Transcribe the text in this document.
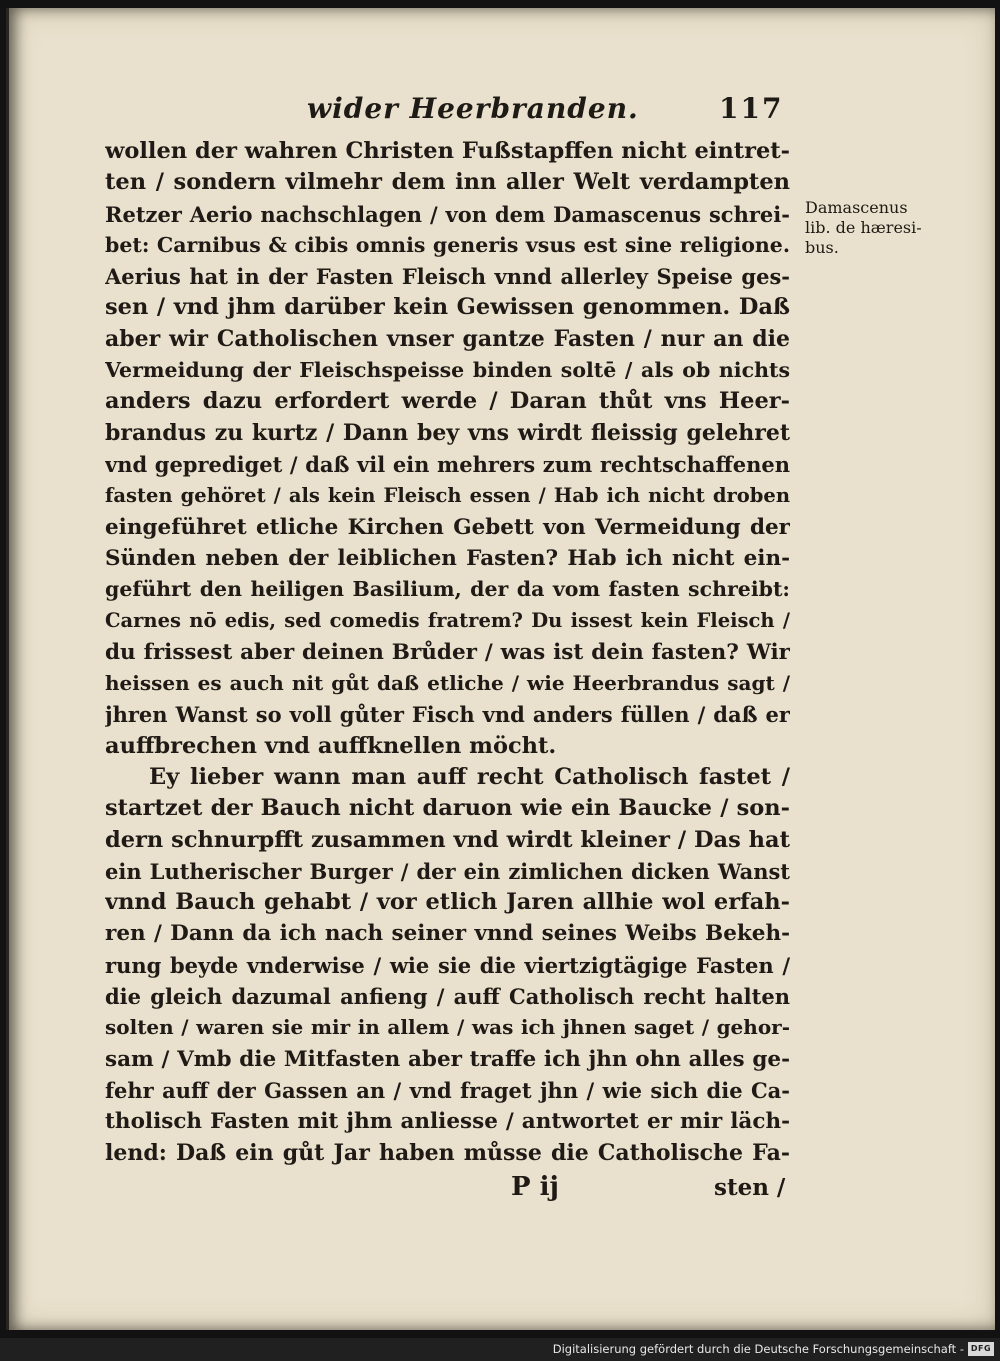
wider Heerbranden.	117
wollen der wahren Christen Fußstapffen nicht eintret-
ten / sondern vilmehr dem inn aller Welt verdampten
Retzer Aerio nachschlagen / von dem Damascenus schrei-
bet: Carnibus & cibis omnis generis vsus est sine religione.
Aerius hat in der Fasten Fleisch vnnd allerley Speise ges-
sen / vnd jhm darüber kein Gewissen genommen. Daß
aber wir Catholischen vnser gantze Fasten / nur an die
Vermeidung der Fleischspeisse binden soltē / als ob nichts
anders dazu erfordert werde / Daran thůt vns Heer-
brandus zu kurtz / Dann bey vns wirdt fleissig gelehret
vnd geprediget / daß vil ein mehrers zum rechtschaffenen
fasten gehöret / als kein Fleisch essen / Hab ich nicht droben
eingeführet etliche Kirchen Gebett von Vermeidung der
Sünden neben der leiblichen Fasten? Hab ich nicht ein-
geführt den heiligen Basilium, der da vom fasten schreibt:
Carnes nō edis, sed comedis fratrem? Du issest kein Fleisch /
du frissest aber deinen Brůder / was ist dein fasten? Wir
heissen es auch nit gůt daß etliche / wie Heerbrandus sagt /
jhren Wanst so voll gůter Fisch vnd anders füllen / daß er
auffbrechen vnd auffknellen möcht.
Ey lieber wann man auff recht Catholisch fastet /
startzet der Bauch nicht daruon wie ein Baucke / son-
dern schnurpfft zusammen vnd wirdt kleiner / Das hat
ein Lutherischer Burger / der ein zimlichen dicken Wanst
vnnd Bauch gehabt / vor etlich Jaren allhie wol erfah-
ren / Dann da ich nach seiner vnnd seines Weibs Bekeh-
rung beyde vnderwise / wie sie die viertzigtägige Fasten /
die gleich dazumal anfieng / auff Catholisch recht halten
solten / waren sie mir in allem / was ich jhnen saget / gehor-
sam / Vmb die Mitfasten aber traffe ich jhn ohn alles ge-
fehr auff der Gassen an / vnd fraget jhn / wie sich die Ca-
tholisch Fasten mit jhm anliesse / antwortet er mir läch-
lend: Daß ein gůt Jar haben můsse die Catholische Fa-
Damascenus
lib. de hæresi-
bus.
P ij	sten /
Digitalisierung gefördert durch die Deutsche Forschungsgemeinschaft - DFG
